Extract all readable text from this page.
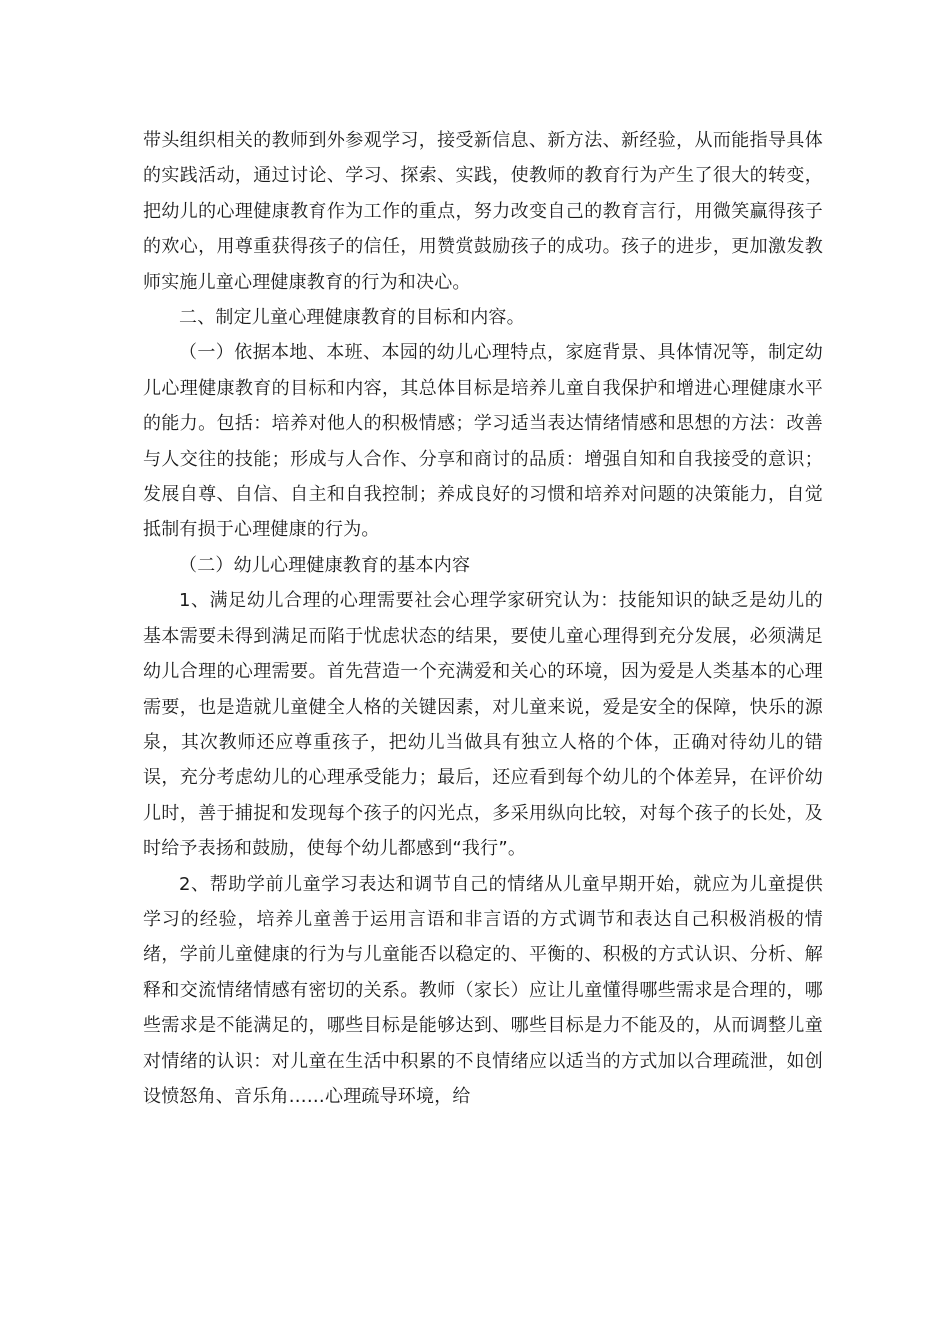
带头组织相关的教师到外参观学习，接受新信息、新方法、新经验，从而能指导具体的实践活动，通过讨论、学习、探索、实践，使教师的教育行为产生了很大的转变，把幼儿的心理健康教育作为工作的重点，努力改变自己的教育言行，用微笑赢得孩子的欢心，用尊重获得孩子的信任，用赞赏鼓励孩子的成功。孩子的进步，更加激发教师实施儿童心理健康教育的行为和决心。

二、制定儿童心理健康教育的目标和内容。

（一）依据本地、本班、本园的幼儿心理特点，家庭背景、具体情况等，制定幼儿心理健康教育的目标和内容，其总体目标是培养儿童自我保护和增进心理健康水平的能力。包括：培养对他人的积极情感；学习适当表达情绪情感和思想的方法：改善与人交往的技能；形成与人合作、分享和商讨的品质：增强自知和自我接受的意识；发展自尊、自信、自主和自我控制；养成良好的习惯和培养对问题的决策能力，自觉抵制有损于心理健康的行为。

（二）幼儿心理健康教育的基本内容

1、满足幼儿合理的心理需要社会心理学家研究认为：技能知识的缺乏是幼儿的基本需要未得到满足而陷于忧虑状态的结果，要使儿童心理得到充分发展，必须满足幼儿合理的心理需要。首先营造一个充满爱和关心的环境，因为爱是人类基本的心理需要，也是造就儿童健全人格的关键因素，对儿童来说，爱是安全的保障，快乐的源泉，其次教师还应尊重孩子，把幼儿当做具有独立人格的个体，正确对待幼儿的错误，充分考虑幼儿的心理承受能力；最后，还应看到每个幼儿的个体差异，在评价幼儿时，善于捕捉和发现每个孩子的闪光点，多采用纵向比较，对每个孩子的长处，及时给予表扬和鼓励，使每个幼儿都感到“我行”。

2、帮助学前儿童学习表达和调节自己的情绪从儿童早期开始，就应为儿童提供学习的经验，培养儿童善于运用言语和非言语的方式调节和表达自己积极消极的情绪，学前儿童健康的行为与儿童能否以稳定的、平衡的、积极的方式认识、分析、解释和交流情绪情感有密切的关系。教师（家长）应让儿童懂得哪些需求是合理的，哪些需求是不能满足的，哪些目标是能够达到、哪些目标是力不能及的，从而调整儿童对情绪的认识：对儿童在生活中积累的不良情绪应以适当的方式加以合理疏泄，如创设愤怒角、音乐角……心理疏导环境，给
